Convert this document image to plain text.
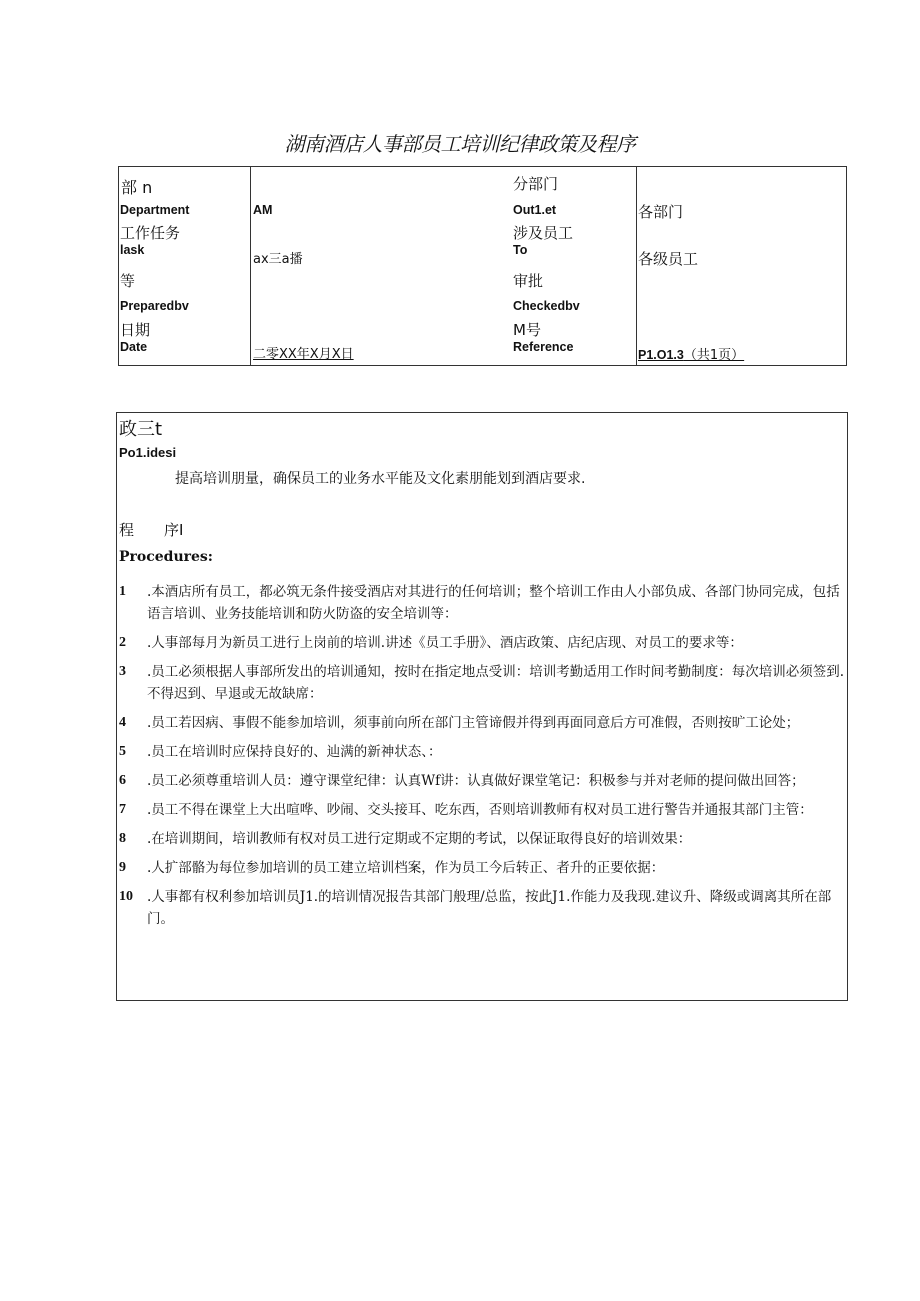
湖南酒店人事部员工培训纪律政策及程序
部 n
Department
工作任务
lask
等
Preparedbv
日期
Date
AM
ax三a播
二零XX年X月X日
分部门
Out1.et
涉及员工
To
审批
Checkedbv
M号
Reference
各部门
各级员工
P1.O1.3（共1页）
政三t
Po1.idesi
提高培训朋量，确保员工的业务水平能及文化素朋能划到酒店要求.
程　　序I
Procedures:
1 .本酒店所有员工，都必筑无条件接受酒店对其进行的任何培训；整个培训工作由人小部负成、各部门协同完成，包括语言培训、业务技能培训和防火防盗的安全培训等：
2 .人事部每月为新员工进行上岗前的培训.讲述《员工手册》、酒店政策、店纪店现、对员工的要求等：
3 .员工必须根据人事部所发出的培训通知，按时在指定地点受训：培训考勤适用工作时间考勤制度：每次培训必须签到.不得迟到、早退或无故缺席：
4 .员工若因病、事假不能参加培训，须事前向所在部门主管谛假并得到再面同意后方可准假，否则按旷工论处；
5 .员工在培训时应保持良好的、辿满的新神状态、：
6 .员工必须尊重培训人员：遵守课堂纪律：认真Wf讲：认真做好课堂笔记：积极参与并对老师的提问做出回答；
7 .员工不得在课堂上大出喧哗、吵闹、交头接耳、吃东西，否则培训教师有权对员工进行警告并通报其部门主管：
8 .在培训期间，培训教师有权对员工进行定期或不定期的考试，以保证取得良好的培训效果：
9 .人扩部骼为每位参加培训的员工建立培训档案，作为员工今后转正、者升的正要依据：
10 .人事都有权利参加培训员J1.的培训情况报告其部门般理/总监，按此J1.作能力及我现.建议升、降级或调离其所在部门。
